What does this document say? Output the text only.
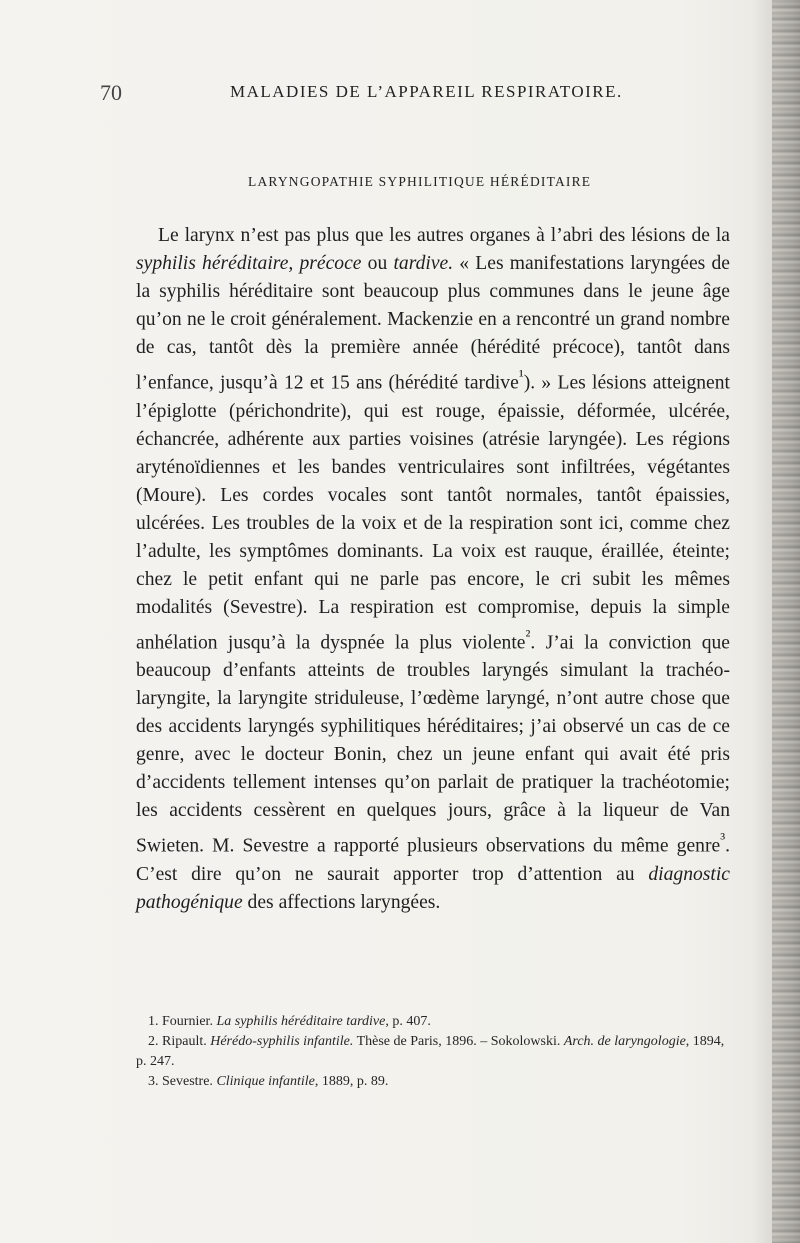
70	MALADIES DE L’APPAREIL RESPIRATOIRE.
LARYNGOPATHIE SYPHILITIQUE HÉRÉDITAIRE

Le larynx n’est pas plus que les autres organes à l’abri des lésions de la syphilis héréditaire, précoce ou tardive. « Les manifestations laryngées de la syphilis héréditaire sont beaucoup plus communes dans le jeune âge qu’on ne le croit généralement. Mackenzie en a rencontré un grand nombre de cas, tantôt dès la première année (hérédité précoce), tantôt dans l’enfance, jusqu’à 12 et 15 ans (hérédité tardive$^{^1}$). » Les lésions atteignent l’épiglotte (périchondrite), qui est rouge, épaissie, déformée, ulcérée, échancrée, adhérente aux parties voisines (atrésie laryngée). Les régions aryténoïdiennes et les bandes ventriculaires sont infiltrées, végétantes (Moure). Les cordes vocales sont tantôt normales, tantôt épaissies, ulcérées. Les troubles de la voix et de la respiration sont ici, comme chez l’adulte, les symptômes dominants. La voix est rauque, éraillée, éteinte; chez le petit enfant qui ne parle pas encore, le cri subit les mêmes modalités (Sevestre). La respiration est compromise, depuis la simple anhélation jusqu’à la dyspnée la plus violente$^{^2}$. J’ai la conviction que beaucoup d’enfants atteints de troubles laryngés simulant la trachéo-laryngite, la laryngite striduleuse, l’œdème laryngé, n’ont autre chose que des accidents laryngés syphilitiques héréditaires; j’ai observé un cas de ce genre, avec le docteur Bonin, chez un jeune enfant qui avait été pris d’accidents tellement intenses qu’on parlait de pratiquer la trachéotomie; les accidents cessèrent en quelques jours, grâce à la liqueur de Van Swieten. M. Sevestre a rapporté plusieurs observations du même genre$^{^3}$. C’est dire qu’on ne saurait apporter trop d’attention au diagnostic pathogénique des affections laryngées.

1. Fournier. La syphilis héréditaire tardive, p. 407.
2. Ripault. Hérédo-syphilis infantile. Thèse de Paris, 1896. – Sokolowski. Arch. de laryngologie, 1894, p. 247.
3. Sevestre. Clinique infantile, 1889, p. 89.
